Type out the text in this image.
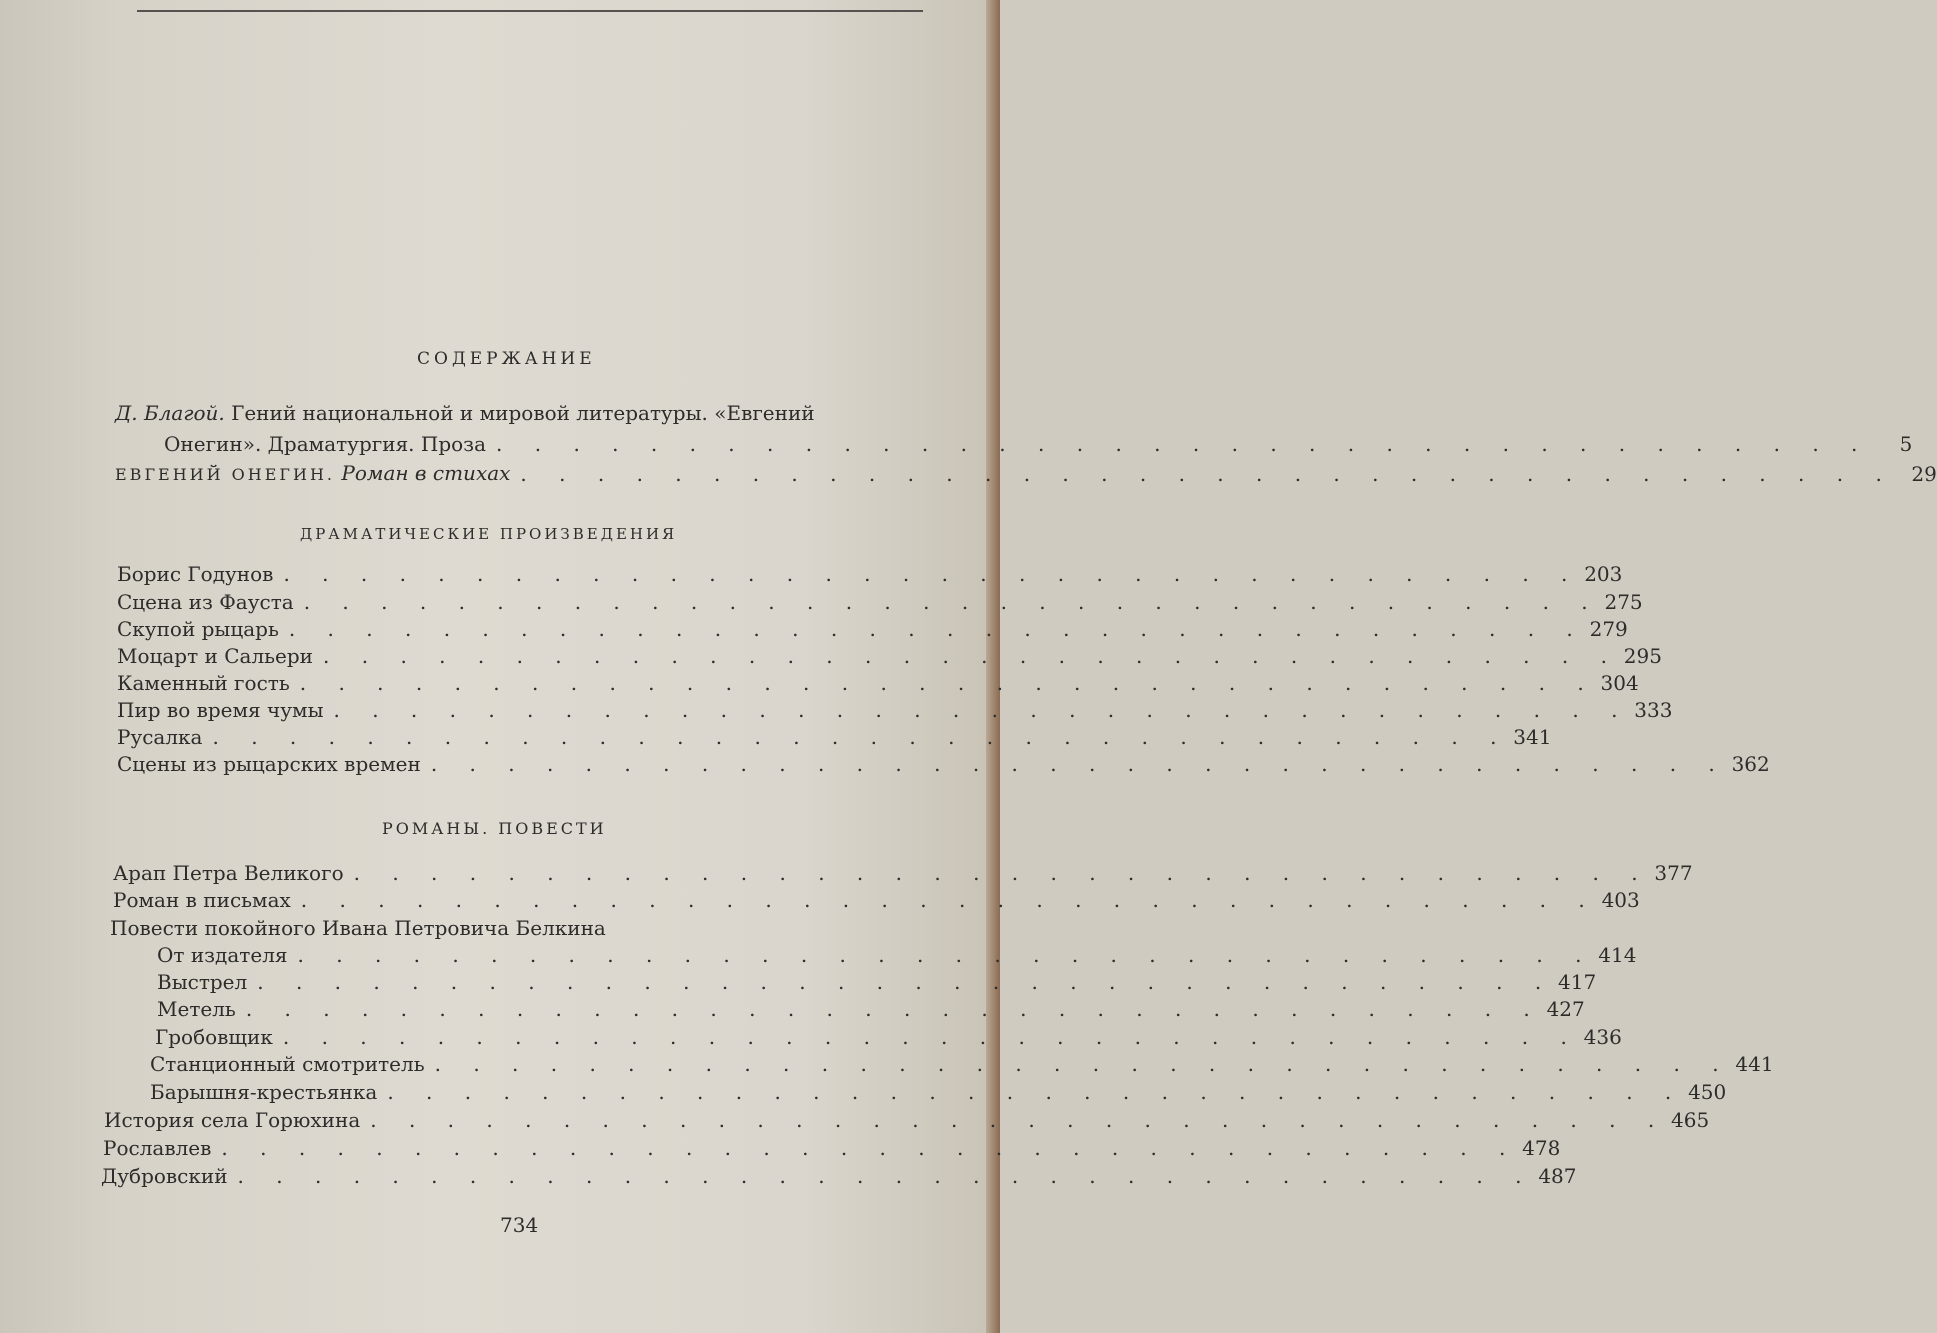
СОДЕРЖАНИЕ
Д. Благой. Гений национальной и мировой литературы. «Евгений
Онегин». Драматургия. Проза . . . . . . . . . . . . . . . . . . . . . . . . . . . . . . . . . . . .	5
ЕВГЕНИЙ ОНЕГИН. Роман в стихах . . . . . . . . . . . . . . . . . . . . . . . . . . . . . . . . . . . . 29
ДРАМАТИЧЕСКИЕ ПРОИЗВЕДЕНИЯ
Борис Годунов . . . . . . . . . . . . . . . . . . . . . . . . . . . . . . . . . . 203
Сцена из Фауста . . . . . . . . . . . . . . . . . . . . . . . . . . . . . . . . . . 275
Скупой рыцарь . . . . . . . . . . . . . . . . . . . . . . . . . . . . . . . . . . 279
Моцарт и Сальери . . . . . . . . . . . . . . . . . . . . . . . . . . . . . . . . . . 295
Каменный гость . . . . . . . . . . . . . . . . . . . . . . . . . . . . . . . . . . 304
Пир во время чумы . . . . . . . . . . . . . . . . . . . . . . . . . . . . . . . . . . 333
Русалка . . . . . . . . . . . . . . . . . . . . . . . . . . . . . . . . . . 341
Сцены из рыцарских времен . . . . . . . . . . . . . . . . . . . . . . . . . . . . . . . . . . 362
РОМАНЫ. ПОВЕСТИ
Арап Петра Великого . . . . . . . . . . . . . . . . . . . . . . . . . . . . . . . . . . 377
Роман в письмах . . . . . . . . . . . . . . . . . . . . . . . . . . . . . . . . . . 403
Повести покойного Ивана Петровича Белкина
От издателя . . . . . . . . . . . . . . . . . . . . . . . . . . . . . . . . . . 414
Выстрел . . . . . . . . . . . . . . . . . . . . . . . . . . . . . . . . . . 417
Метель . . . . . . . . . . . . . . . . . . . . . . . . . . . . . . . . . . 427
Гробовщик . . . . . . . . . . . . . . . . . . . . . . . . . . . . . . . . . . 436
Станционный смотритель . . . . . . . . . . . . . . . . . . . . . . . . . . . . . . . . . . 441
Барышня-крестьянка . . . . . . . . . . . . . . . . . . . . . . . . . . . . . . . . . . 450
История села Горюхина . . . . . . . . . . . . . . . . . . . . . . . . . . . . . . . . . . 465
Рославлев . . . . . . . . . . . . . . . . . . . . . . . . . . . . . . . . . . 478
Дубровский . . . . . . . . . . . . . . . . . . . . . . . . . . . . . . . . . . 487
734
